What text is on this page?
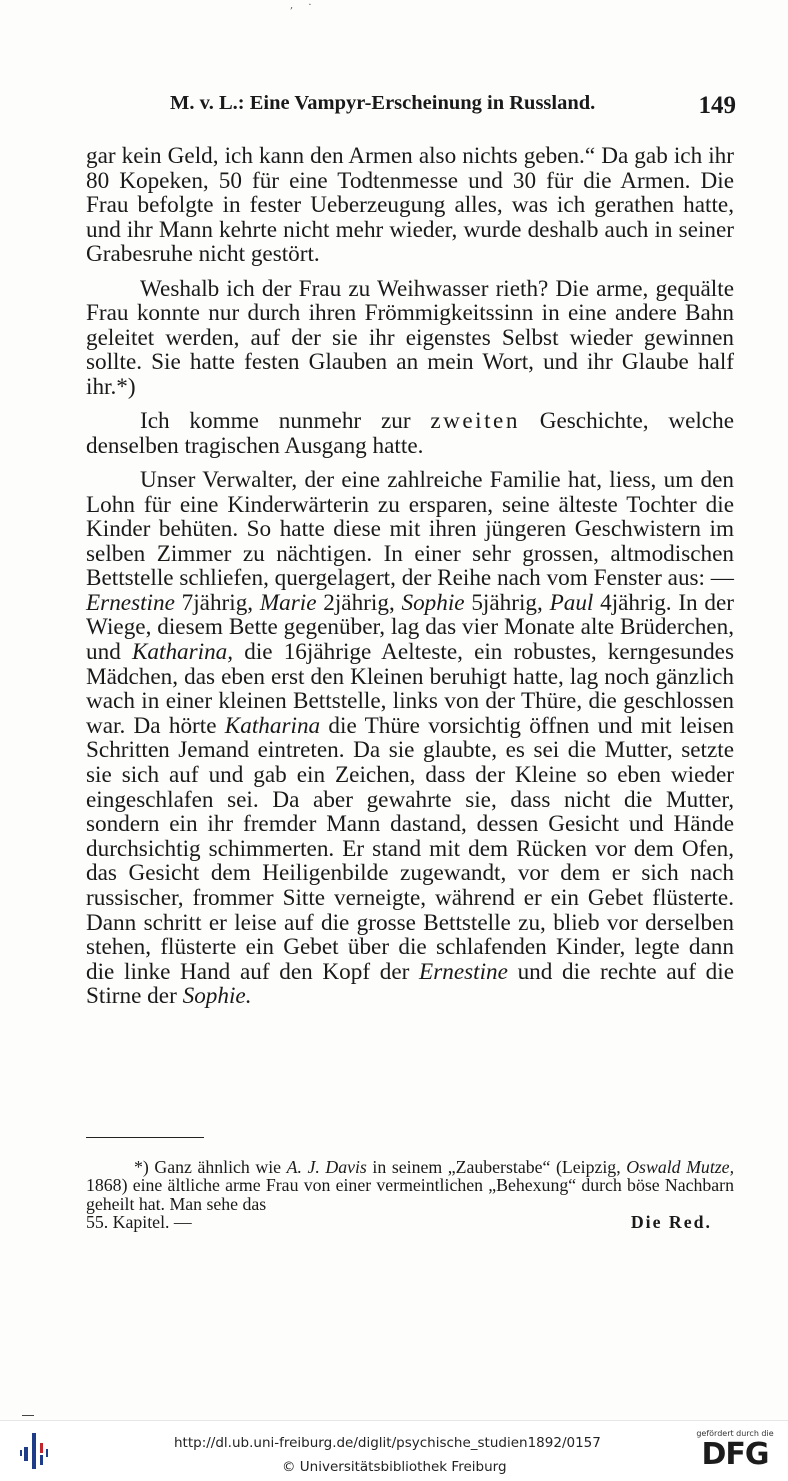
, ·
M. v. L.: Eine Vampyr-Erscheinung in Russland.	149

gar kein Geld, ich kann den Armen also nichts geben.“ Da gab ich ihr 80 Kopeken, 50 für eine Todtenmesse und 30 für die Armen. Die Frau befolgte in fester Ueberzeugung alles, was ich gerathen hatte, und ihr Mann kehrte nicht mehr wieder, wurde deshalb auch in seiner Grabesruhe nicht gestört.

Weshalb ich der Frau zu Weihwasser rieth? Die arme, gequälte Frau konnte nur durch ihren Frömmigkeitssinn in eine andere Bahn geleitet werden, auf der sie ihr eigenstes Selbst wieder gewinnen sollte. Sie hatte festen Glauben an mein Wort, und ihr Glaube half ihr.*)

Ich komme nunmehr zur zweiten Geschichte, welche denselben tragischen Ausgang hatte.

Unser Verwalter, der eine zahlreiche Familie hat, liess, um den Lohn für eine Kinderwärterin zu ersparen, seine älteste Tochter die Kinder behüten. So hatte diese mit ihren jüngeren Geschwistern im selben Zimmer zu nächtigen. In einer sehr grossen, altmodischen Bettstelle schliefen, quergelagert, der Reihe nach vom Fenster aus: — Ernestine 7jährig, Marie 2jährig, Sophie 5jährig, Paul 4jährig. In der Wiege, diesem Bette gegenüber, lag das vier Monate alte Brüderchen, und Katharina, die 16jährige Aelteste, ein robustes, kerngesundes Mädchen, das eben erst den Kleinen beruhigt hatte, lag noch gänzlich wach in einer kleinen Bettstelle, links von der Thüre, die geschlossen war. Da hörte Katharina die Thüre vorsichtig öffnen und mit leisen Schritten Jemand eintreten. Da sie glaubte, es sei die Mutter, setzte sie sich auf und gab ein Zeichen, dass der Kleine so eben wieder eingeschlafen sei. Da aber gewahrte sie, dass nicht die Mutter, sondern ein ihr fremder Mann dastand, dessen Gesicht und Hände durchsichtig schimmerten. Er stand mit dem Rücken vor dem Ofen, das Gesicht dem Heiligenbilde zugewandt, vor dem er sich nach russischer, frommer Sitte verneigte, während er ein Gebet flüsterte. Dann schritt er leise auf die grosse Bettstelle zu, blieb vor derselben stehen, flüsterte ein Gebet über die schlafenden Kinder, legte dann die linke Hand auf den Kopf der Ernestine und die rechte auf die Stirne der Sophie.

*) Ganz ähnlich wie A. J. Davis in seinem „Zauberstabe“ (Leipzig, Oswald Mutze, 1868) eine ältliche arme Frau von einer vermeintlichen „Behexung“ durch böse Nachbarn geheilt hat. Man sehe das

55. Kapitel. —	Die Red.
http://dl.ub.uni-freiburg.de/diglit/psychische_studien1892/0157
© Universitätsbibliothek Freiburg
gefördert durch die
DFG
